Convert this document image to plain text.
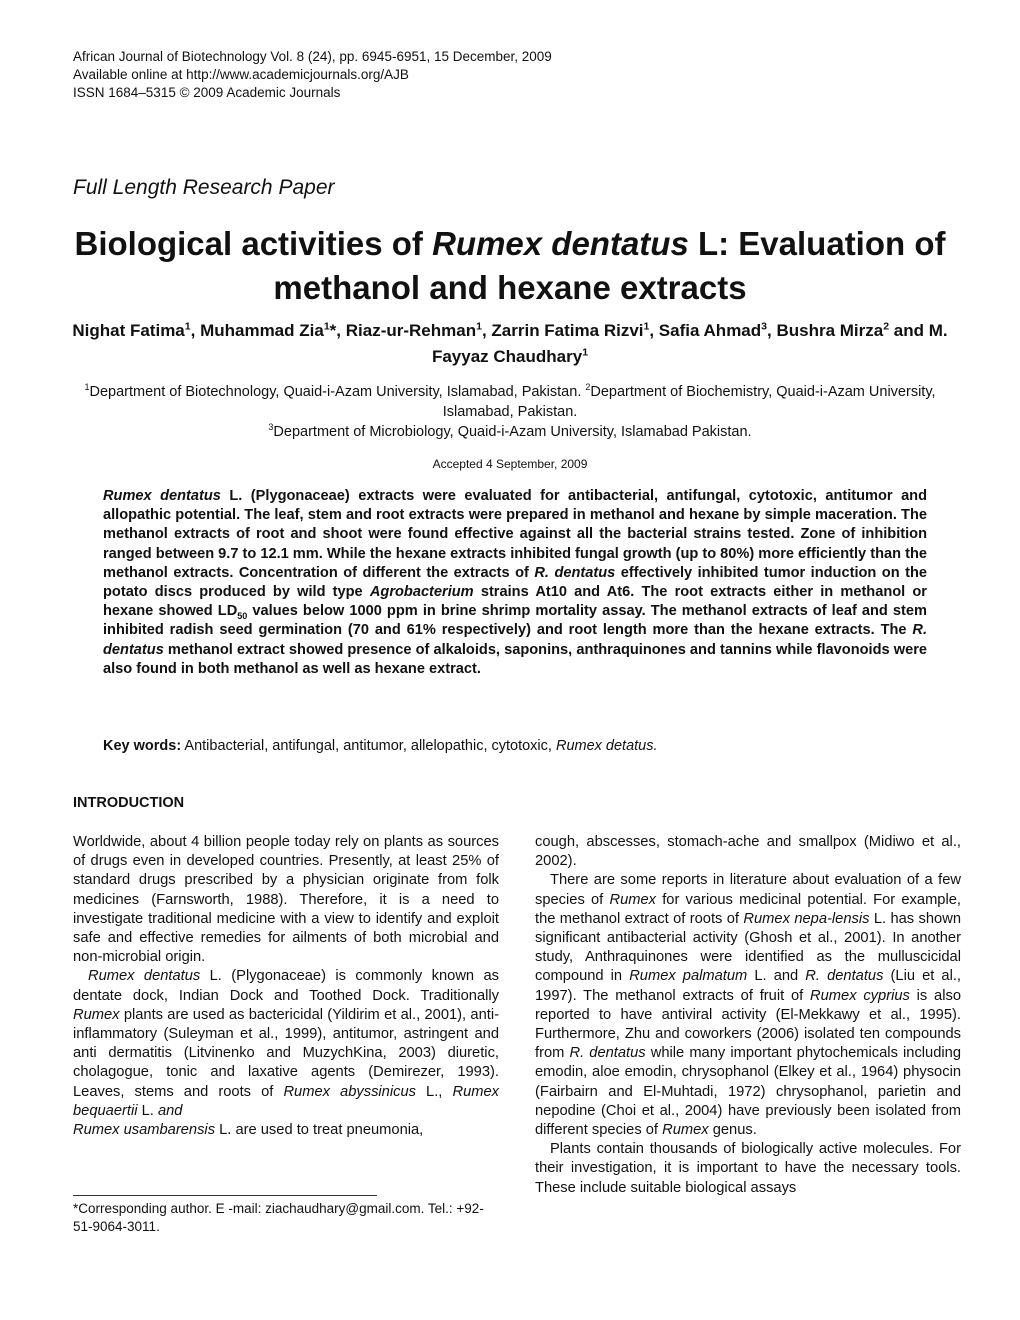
African Journal of Biotechnology Vol. 8 (24), pp. 6945-6951, 15 December, 2009
Available online at http://www.academicjournals.org/AJB
ISSN 1684–5315 © 2009 Academic Journals
Full Length Research Paper
Biological activities of Rumex dentatus L: Evaluation of methanol and hexane extracts
Nighat Fatima$^1$, Muhammad Zia$^1$*, Riaz-ur-Rehman$^1$, Zarrin Fatima Rizvi$^1$, Safia Ahmad$^3$, Bushra Mirza$^2$ and M. Fayyaz Chaudhary$^1$
$^1$Department of Biotechnology, Quaid-i-Azam University, Islamabad, Pakistan. $^2$Department of Biochemistry, Quaid-i-Azam University, Islamabad, Pakistan.
$^3$Department of Microbiology, Quaid-i-Azam University, Islamabad Pakistan.
Accepted 4 September, 2009
Rumex dentatus L. (Plygonaceae) extracts were evaluated for antibacterial, antifungal, cytotoxic, antitumor and allopathic potential. The leaf, stem and root extracts were prepared in methanol and hexane by simple maceration. The methanol extracts of root and shoot were found effective against all the bacterial strains tested. Zone of inhibition ranged between 9.7 to 12.1 mm. While the hexane extracts inhibited fungal growth (up to 80%) more efficiently than the methanol extracts. Concentration of different the extracts of R. dentatus effectively inhibited tumor induction on the potato discs produced by wild type Agrobacterium strains At10 and At6. The root extracts either in methanol or hexane showed $LD_{50}$ values below 1000 ppm in brine shrimp mortality assay. The methanol extracts of leaf and stem inhibited radish seed germination (70 and 61% respectively) and root length more than the hexane extracts. The R. dentatus methanol extract showed presence of alkaloids, saponins, anthraquinones and tannins while flavonoids were also found in both methanol as well as hexane extract.
Key words: Antibacterial, antifungal, antitumor, allelopathic, cytotoxic, Rumex detatus.
INTRODUCTION

Worldwide, about 4 billion people today rely on plants as sources of drugs even in developed countries. Presently, at least 25% of standard drugs prescribed by a physician originate from folk medicines (Farnsworth, 1988). Therefore, it is a need to investigate traditional medicine with a view to identify and exploit safe and effective remedies for ailments of both microbial and non-microbial origin.

Rumex dentatus L. (Plygonaceae) is commonly known as dentate dock, Indian Dock and Toothed Dock. Traditionally Rumex plants are used as bactericidal (Yildirim et al., 2001), anti-inflammatory (Suleyman et al., 1999), antitumor, astringent and anti dermatitis (Litvinenko and MuzychKina, 2003) diuretic, cholagogue, tonic and laxative agents (Demirezer, 1993). Leaves, stems and roots of Rumex abyssinicus L., Rumex bequaertii L. and
Rumex usambarensis L. are used to treat pneumonia,

*Corresponding author. E -mail: ziachaudhary@gmail.com. Tel.: +92-51-9064-3011.

cough, abscesses, stomach-ache and smallpox (Midiwo et al., 2002).

There are some reports in literature about evaluation of a few species of Rumex for various medicinal potential. For example, the methanol extract of roots of Rumex nepa-lensis L. has shown significant antibacterial activity (Ghosh et al., 2001). In another study, Anthraquinones were identified as the mulluscicidal compound in Rumex palmatum L. and R. dentatus (Liu et al., 1997). The methanol extracts of fruit of Rumex cyprius is also reported to have antiviral activity (El-Mekkawy et al., 1995). Furthermore, Zhu and coworkers (2006) isolated ten compounds from R. dentatus while many important phytochemicals including emodin, aloe emodin, chrysophanol (Elkey et al., 1964) physocin (Fairbairn and El-Muhtadi, 1972) chrysophanol, parietin and nepodine (Choi et al., 2004) have previously been isolated from different species of Rumex genus.

Plants contain thousands of biologically active molecules. For their investigation, it is important to have the necessary tools. These include suitable biological assays
